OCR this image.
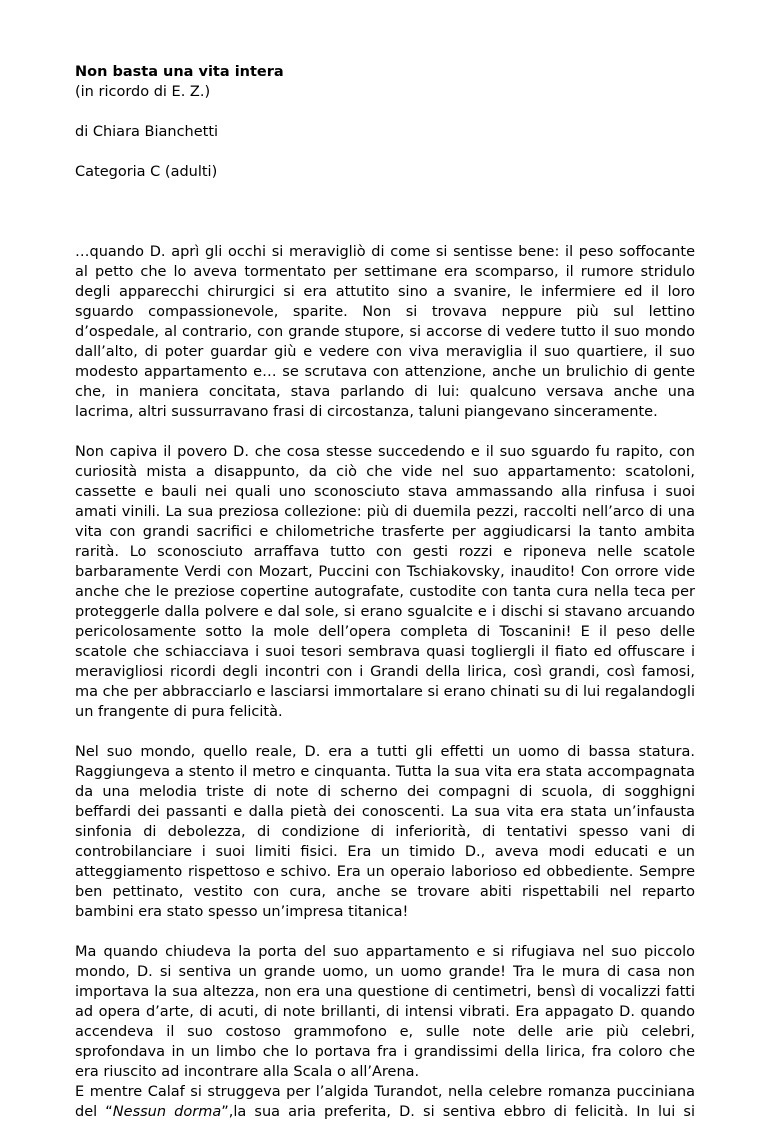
Non basta una vita intera
(in ricordo di E. Z.)
di Chiara Bianchetti
Categoria C (adulti)
…quando D. aprì gli occhi si meravigliò di come si sentisse bene: il peso soffocante
al petto che lo aveva tormentato per settimane era scomparso, il rumore stridulo
degli apparecchi chirurgici si era attutito sino a svanire, le infermiere ed il loro
sguardo compassionevole, sparite. Non si trovava neppure più sul lettino
d’ospedale, al contrario, con grande stupore, si accorse di vedere tutto il suo mondo
dall’alto, di poter guardar giù e vedere con viva meraviglia il suo quartiere, il suo
modesto appartamento e… se scrutava con attenzione, anche un brulichio di gente
che, in maniera concitata, stava parlando di lui: qualcuno versava anche una
lacrima, altri sussurravano frasi di circostanza, taluni piangevano sinceramente.
Non capiva il povero D. che cosa stesse succedendo e il suo sguardo fu rapito, con
curiosità mista a disappunto, da ciò che vide nel suo appartamento: scatoloni,
cassette e bauli nei quali uno sconosciuto stava ammassando alla rinfusa i suoi
amati vinili. La sua preziosa collezione: più di duemila pezzi, raccolti nell’arco di una
vita con grandi sacrifici e chilometriche trasferte per aggiudicarsi la tanto ambita
rarità. Lo sconosciuto arraffava tutto con gesti rozzi e riponeva nelle scatole
barbaramente Verdi con Mozart, Puccini con Tschiakovsky, inaudito! Con orrore vide
anche che le preziose copertine autografate, custodite con tanta cura nella teca per
proteggerle dalla polvere e dal sole, si erano sgualcite e i dischi si stavano arcuando
pericolosamente sotto la mole dell’opera completa di Toscanini! E il peso delle
scatole che schiacciava i suoi tesori sembrava quasi togliergli il fiato ed offuscare i
meravigliosi ricordi degli incontri con i Grandi della lirica, così grandi, così famosi,
ma che per abbracciarlo e lasciarsi immortalare si erano chinati su di lui regalandogli
un frangente di pura felicità.
Nel suo mondo, quello reale, D. era a tutti gli effetti un uomo di bassa statura.
Raggiungeva a stento il metro e cinquanta. Tutta la sua vita era stata accompagnata
da una melodia triste di note di scherno dei compagni di scuola, di sogghigni
beffardi dei passanti e dalla pietà dei conoscenti. La sua vita era stata un’infausta
sinfonia di debolezza, di condizione di inferiorità, di tentativi spesso vani di
controbilanciare i suoi limiti fisici. Era un timido D., aveva modi educati e un
atteggiamento rispettoso e schivo. Era un operaio laborioso ed obbediente. Sempre
ben pettinato, vestito con cura, anche se trovare abiti rispettabili nel reparto
bambini era stato spesso un’impresa titanica!
Ma quando chiudeva la porta del suo appartamento e si rifugiava nel suo piccolo
mondo, D. si sentiva un grande uomo, un uomo grande! Tra le mura di casa non
importava la sua altezza, non era una questione di centimetri, bensì di vocalizzi fatti
ad opera d’arte, di acuti, di note brillanti, di intensi vibrati. Era appagato D. quando
accendeva il suo costoso grammofono e, sulle note delle arie più celebri,
sprofondava in un limbo che lo portava fra i grandissimi della lirica, fra coloro che
era riuscito ad incontrare alla Scala o all’Arena.
E mentre Calaf si struggeva per l’algida Turandot, nella celebre romanza pucciniana
del “Nessun dorma”,la sua aria preferita, D. si sentiva ebbro di felicità. In lui si
